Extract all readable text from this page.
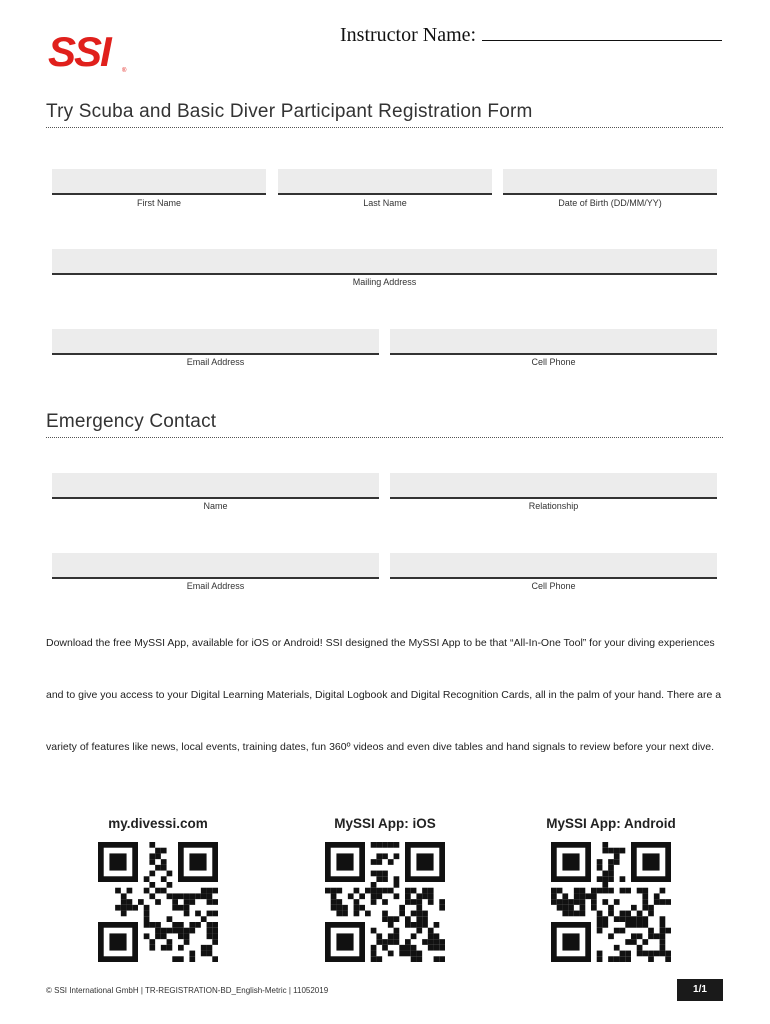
SSI	®
Instructor Name:
Try Scuba and Basic Diver Participant Registration Form
First Name	Last Name	Date of Birth (DD/MM/YY)
Mailing Address
Email Address	Cell Phone
Emergency Contact
Name	Relationship
Email Address	Cell Phone
Download the free MySSI App, available for iOS or Android! SSI designed the MySSI App to be that “All-In-One Tool” for your diving experiences and to give you access to your Digital Learning Materials, Digital Logbook and Digital Recognition Cards, all in the palm of your hand. There are a variety of features like news, local events, training dates, fun 360º videos and even dive tables and hand signals to review before your next dive.
my.divessi.com	MySSI App: iOS	MySSI App: Android
© SSI International GmbH | TR-REGISTRATION-BD_English-Metric | 11052019	1/1
